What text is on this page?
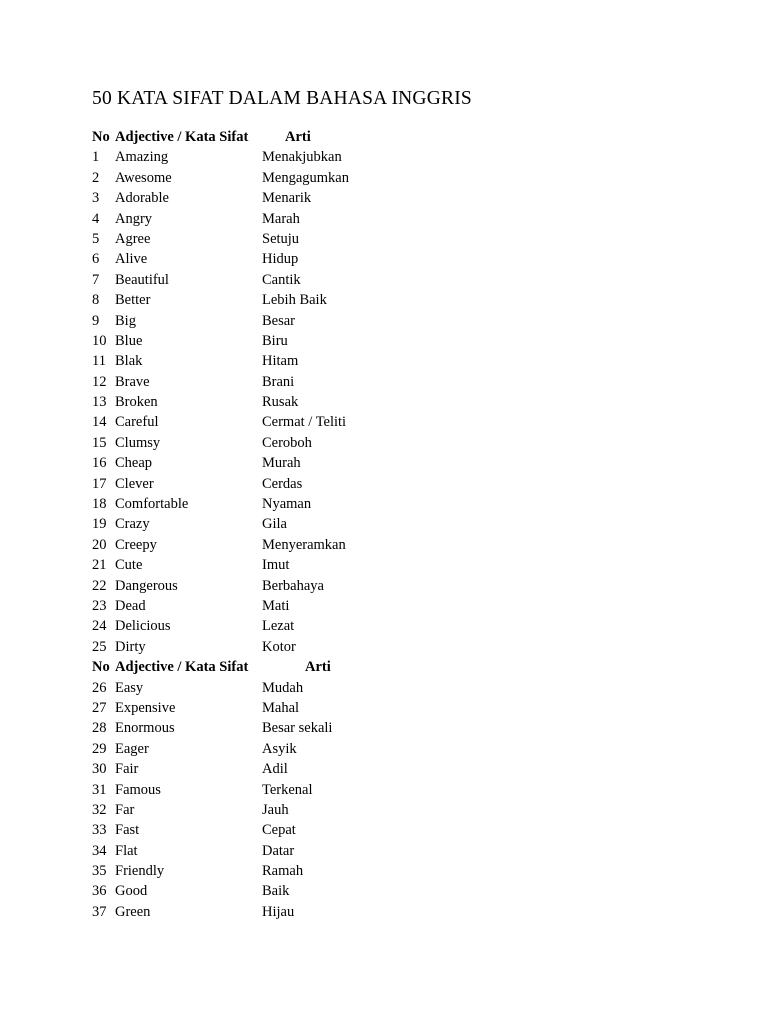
50 KATA SIFAT DALAM BAHASA INGGRIS
No Adjective / Kata Sifat	Arti
1 Amazing	Menakjubkan
2 Awesome	Mengagumkan
3 Adorable	Menarik
4 Angry	Marah
5 Agree	Setuju
6 Alive	Hidup
7 Beautiful	Cantik
8 Better	Lebih Baik
9 Big	Besar
10 Blue	Biru
11 Blak	Hitam
12 Brave	Brani
13 Broken	Rusak
14 Careful	Cermat / Teliti
15 Clumsy	Ceroboh
16 Cheap	Murah
17 Clever	Cerdas
18 Comfortable	Nyaman
19 Crazy	Gila
20 Creepy	Menyeramkan
21 Cute	Imut
22 Dangerous	Berbahaya
23 Dead	Mati
24 Delicious	Lezat
25 Dirty	Kotor
No Adjective / Kata Sifat	Arti
26 Easy	Mudah
27 Expensive	Mahal
28 Enormous	Besar sekali
29 Eager	Asyik
30 Fair	Adil
31 Famous	Terkenal
32 Far	Jauh
33 Fast	Cepat
34 Flat	Datar
35 Friendly	Ramah
36 Good	Baik
37 Green	Hijau
